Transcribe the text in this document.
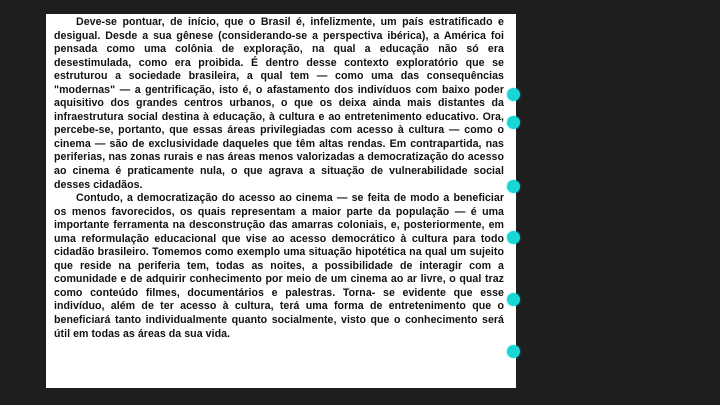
Deve-se pontuar, de início, que o Brasil é, infelizmente, um país estratificado e desigual. Desde a sua gênese (considerando-se a perspectiva ibérica), a América foi pensada como uma colônia de exploração, na qual a educação não só era desestimulada, como era proibida. É dentro desse contexto exploratório que se estruturou a sociedade brasileira, a qual tem — como uma das consequências "modernas" — a gentrificação, isto é, o afastamento dos indivíduos com baixo poder aquisitivo dos grandes centros urbanos, o que os deixa ainda mais distantes da infraestrutura social destina à educação, à cultura e ao entretenimento educativo. Ora, percebe-se, portanto, que essas áreas privilegiadas com acesso à cultura — como o cinema — são de exclusividade daqueles que têm altas rendas. Em contrapartida, nas periferias, nas zonas rurais e nas áreas menos valorizadas a democratização do acesso ao cinema é praticamente nula, o que agrava a situação de vulnerabilidade social desses cidadãos.

Contudo, a democratização do acesso ao cinema — se feita de modo a beneficiar os menos favorecidos, os quais representam a maior parte da população — é uma importante ferramenta na desconstrução das amarras coloniais, e, posteriormente, em uma reformulação educacional que vise ao acesso democrático à cultura para todo cidadão brasileiro. Tomemos como exemplo uma situação hipotética na qual um sujeito que reside na periferia tem, todas as noites, a possibilidade de interagir com a comunidade e de adquirir conhecimento por meio de um cinema ao ar livre, o qual traz como conteúdo filmes, documentários e palestras. Torna- se evidente que esse indivíduo, além de ter acesso à cultura, terá uma forma de entretenimento que o beneficiará tanto individualmente quanto socialmente, visto que o conhecimento será útil em todas as áreas da sua vida.
